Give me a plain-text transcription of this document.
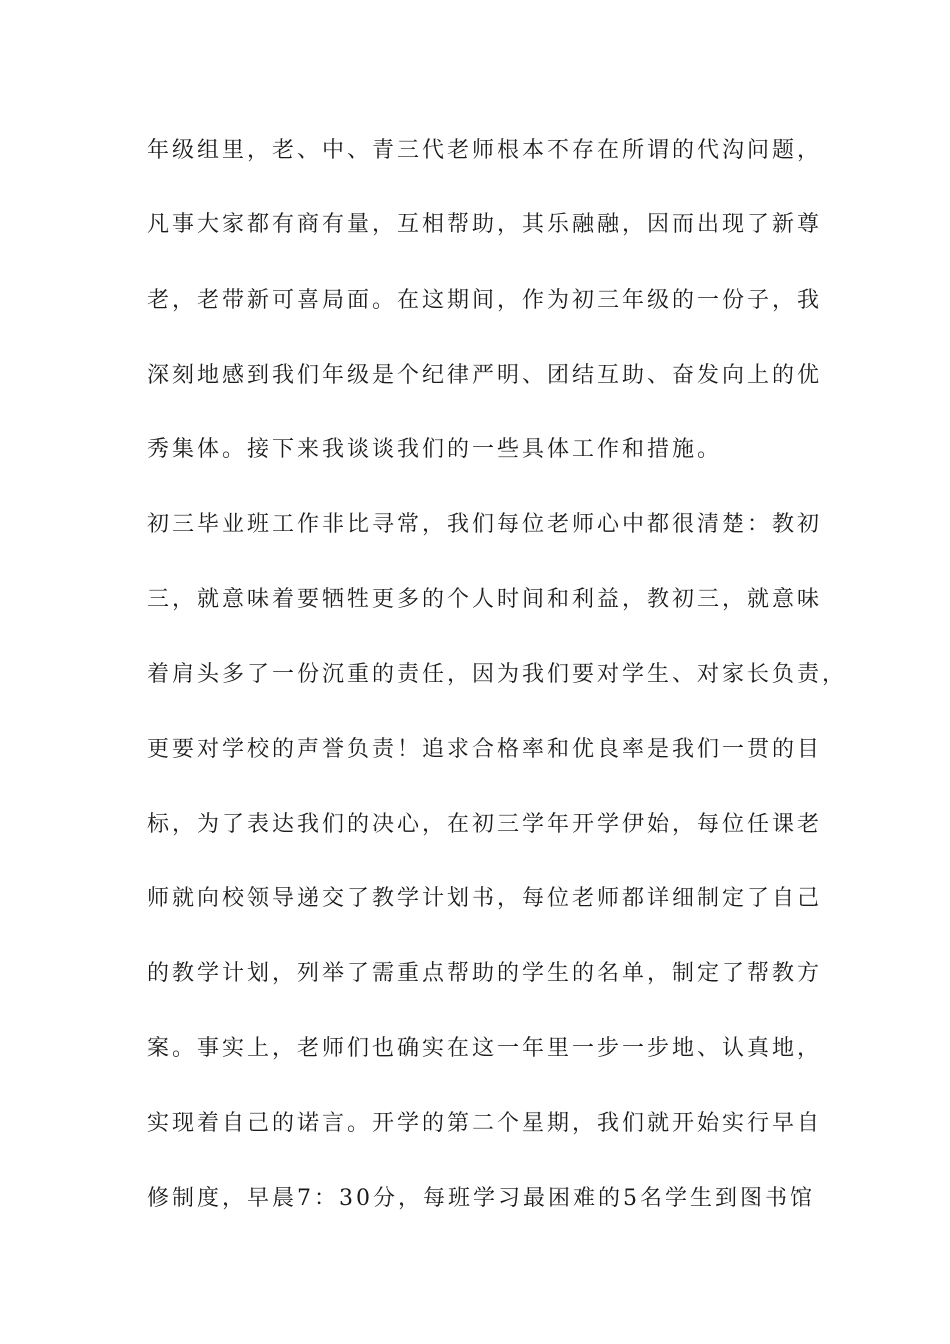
年级组里，老、中、青三代老师根本不存在所谓的代沟问题，
凡事大家都有商有量，互相帮助，其乐融融，因而出现了新尊
老，老带新可喜局面。在这期间，作为初三年级的一份子，我
深刻地感到我们年级是个纪律严明、团结互助、奋发向上的优
秀集体。接下来我谈谈我们的一些具体工作和措施。
初三毕业班工作非比寻常，我们每位老师心中都很清楚：教初
三，就意味着要牺牲更多的个人时间和利益，教初三，就意味
着肩头多了一份沉重的责任，因为我们要对学生、对家长负责，
更要对学校的声誉负责！追求合格率和优良率是我们一贯的目
标，为了表达我们的决心，在初三学年开学伊始，每位任课老
师就向校领导递交了教学计划书，每位老师都详细制定了自己
的教学计划，列举了需重点帮助的学生的名单，制定了帮教方
案。事实上，老师们也确实在这一年里一步一步地、认真地，
实现着自己的诺言。开学的第二个星期，我们就开始实行早自
修制度，早晨7：30分，每班学习最困难的5名学生到图书馆
